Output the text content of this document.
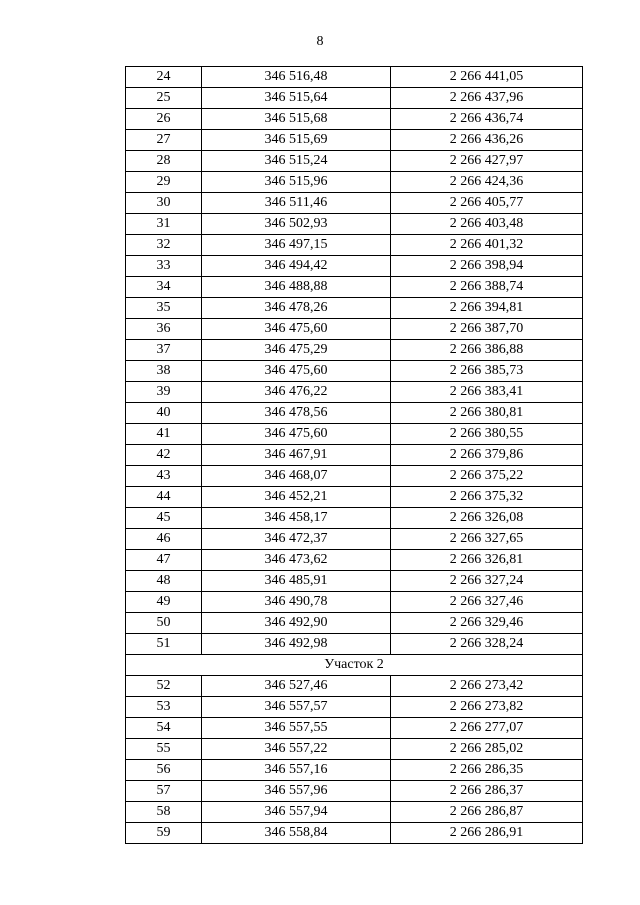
8
24	346 516,48	2 266 441,05
25	346 515,64	2 266 437,96
26	346 515,68	2 266 436,74
27	346 515,69	2 266 436,26
28	346 515,24	2 266 427,97
29	346 515,96	2 266 424,36
30	346 511,46	2 266 405,77
31	346 502,93	2 266 403,48
32	346 497,15	2 266 401,32
33	346 494,42	2 266 398,94
34	346 488,88	2 266 388,74
35	346 478,26	2 266 394,81
36	346 475,60	2 266 387,70
37	346 475,29	2 266 386,88
38	346 475,60	2 266 385,73
39	346 476,22	2 266 383,41
40	346 478,56	2 266 380,81
41	346 475,60	2 266 380,55
42	346 467,91	2 266 379,86
43	346 468,07	2 266 375,22
44	346 452,21	2 266 375,32
45	346 458,17	2 266 326,08
46	346 472,37	2 266 327,65
47	346 473,62	2 266 326,81
48	346 485,91	2 266 327,24
49	346 490,78	2 266 327,46
50	346 492,90	2 266 329,46
51	346 492,98	2 266 328,24
Участок 2		
52	346 527,46	2 266 273,42
53	346 557,57	2 266 273,82
54	346 557,55	2 266 277,07
55	346 557,22	2 266 285,02
56	346 557,16	2 266 286,35
57	346 557,96	2 266 286,37
58	346 557,94	2 266 286,87
59	346 558,84	2 266 286,91
